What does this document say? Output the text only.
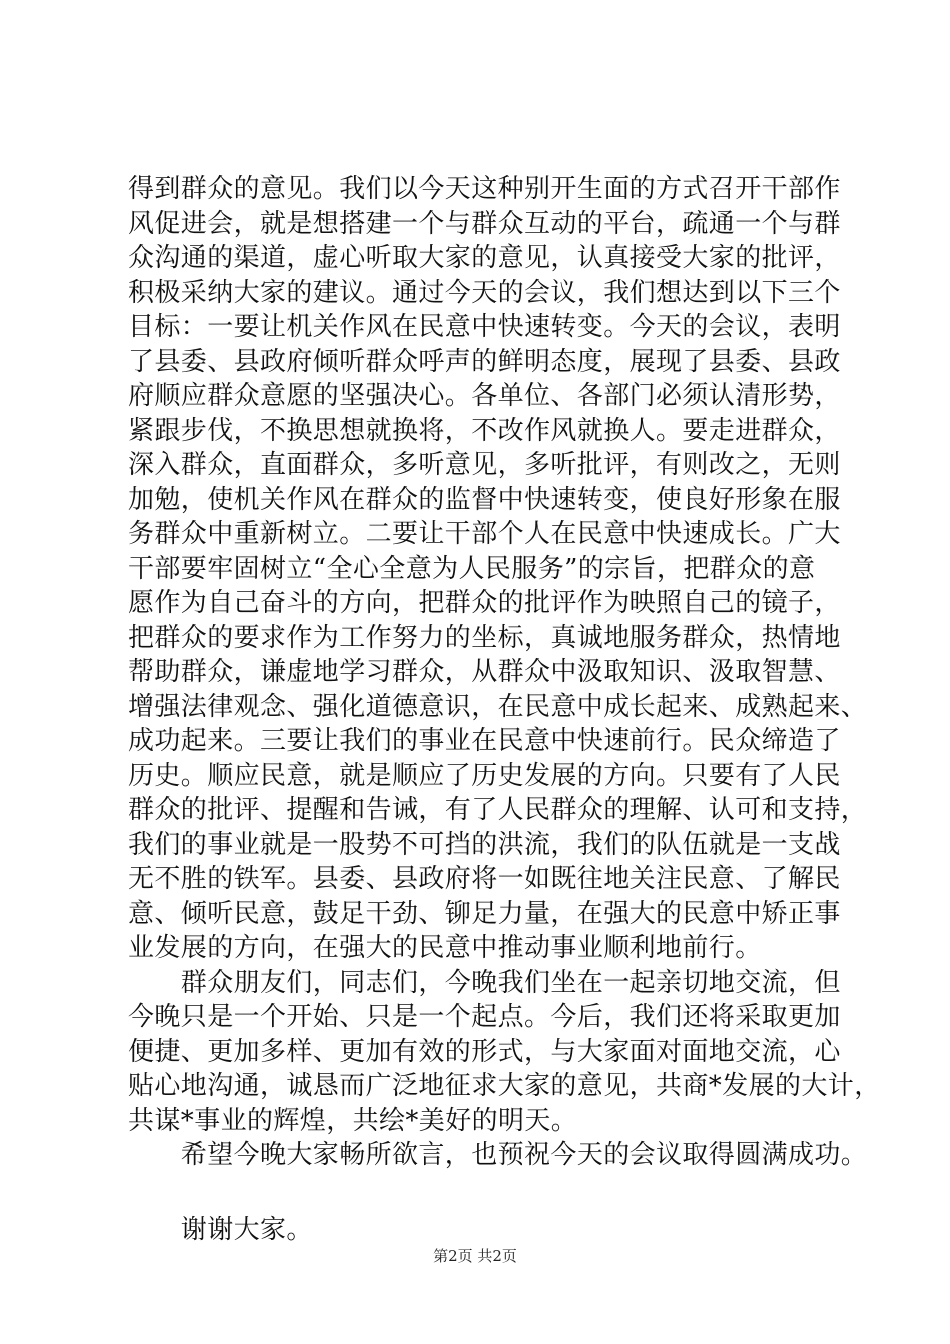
得到群众的意见。我们以今天这种别开生面的方式召开干部作
风促进会，就是想搭建一个与群众互动的平台，疏通一个与群
众沟通的渠道，虚心听取大家的意见，认真接受大家的批评，
积极采纳大家的建议。通过今天的会议，我们想达到以下三个
目标：一要让机关作风在民意中快速转变。今天的会议，表明
了县委、县政府倾听群众呼声的鲜明态度，展现了县委、县政
府顺应群众意愿的坚强决心。各单位、各部门必须认清形势，
紧跟步伐，不换思想就换将，不改作风就换人。要走进群众，
深入群众，直面群众，多听意见，多听批评，有则改之，无则
加勉，使机关作风在群众的监督中快速转变，使良好形象在服
务群众中重新树立。二要让干部个人在民意中快速成长。广大
干部要牢固树立“全心全意为人民服务”的宗旨，把群众的意
愿作为自己奋斗的方向，把群众的批评作为映照自己的镜子，
把群众的要求作为工作努力的坐标，真诚地服务群众，热情地
帮助群众，谦虚地学习群众，从群众中汲取知识、汲取智慧、
增强法律观念、强化道德意识，在民意中成长起来、成熟起来、
成功起来。三要让我们的事业在民意中快速前行。民众缔造了
历史。顺应民意，就是顺应了历史发展的方向。只要有了人民
群众的批评、提醒和告诫，有了人民群众的理解、认可和支持，
我们的事业就是一股势不可挡的洪流，我们的队伍就是一支战
无不胜的铁军。县委、县政府将一如既往地关注民意、了解民
意、倾听民意，鼓足干劲、铆足力量，在强大的民意中矫正事
业发展的方向，在强大的民意中推动事业顺利地前行。
　　群众朋友们，同志们，今晚我们坐在一起亲切地交流，但
今晚只是一个开始、只是一个起点。今后，我们还将采取更加
便捷、更加多样、更加有效的形式，与大家面对面地交流，心
贴心地沟通，诚恳而广泛地征求大家的意见，共商*发展的大计，
共谋*事业的辉煌，共绘*美好的明天。
　　希望今晚大家畅所欲言，也预祝今天的会议取得圆满成功。
　　谢谢大家。
第2页 共2页
